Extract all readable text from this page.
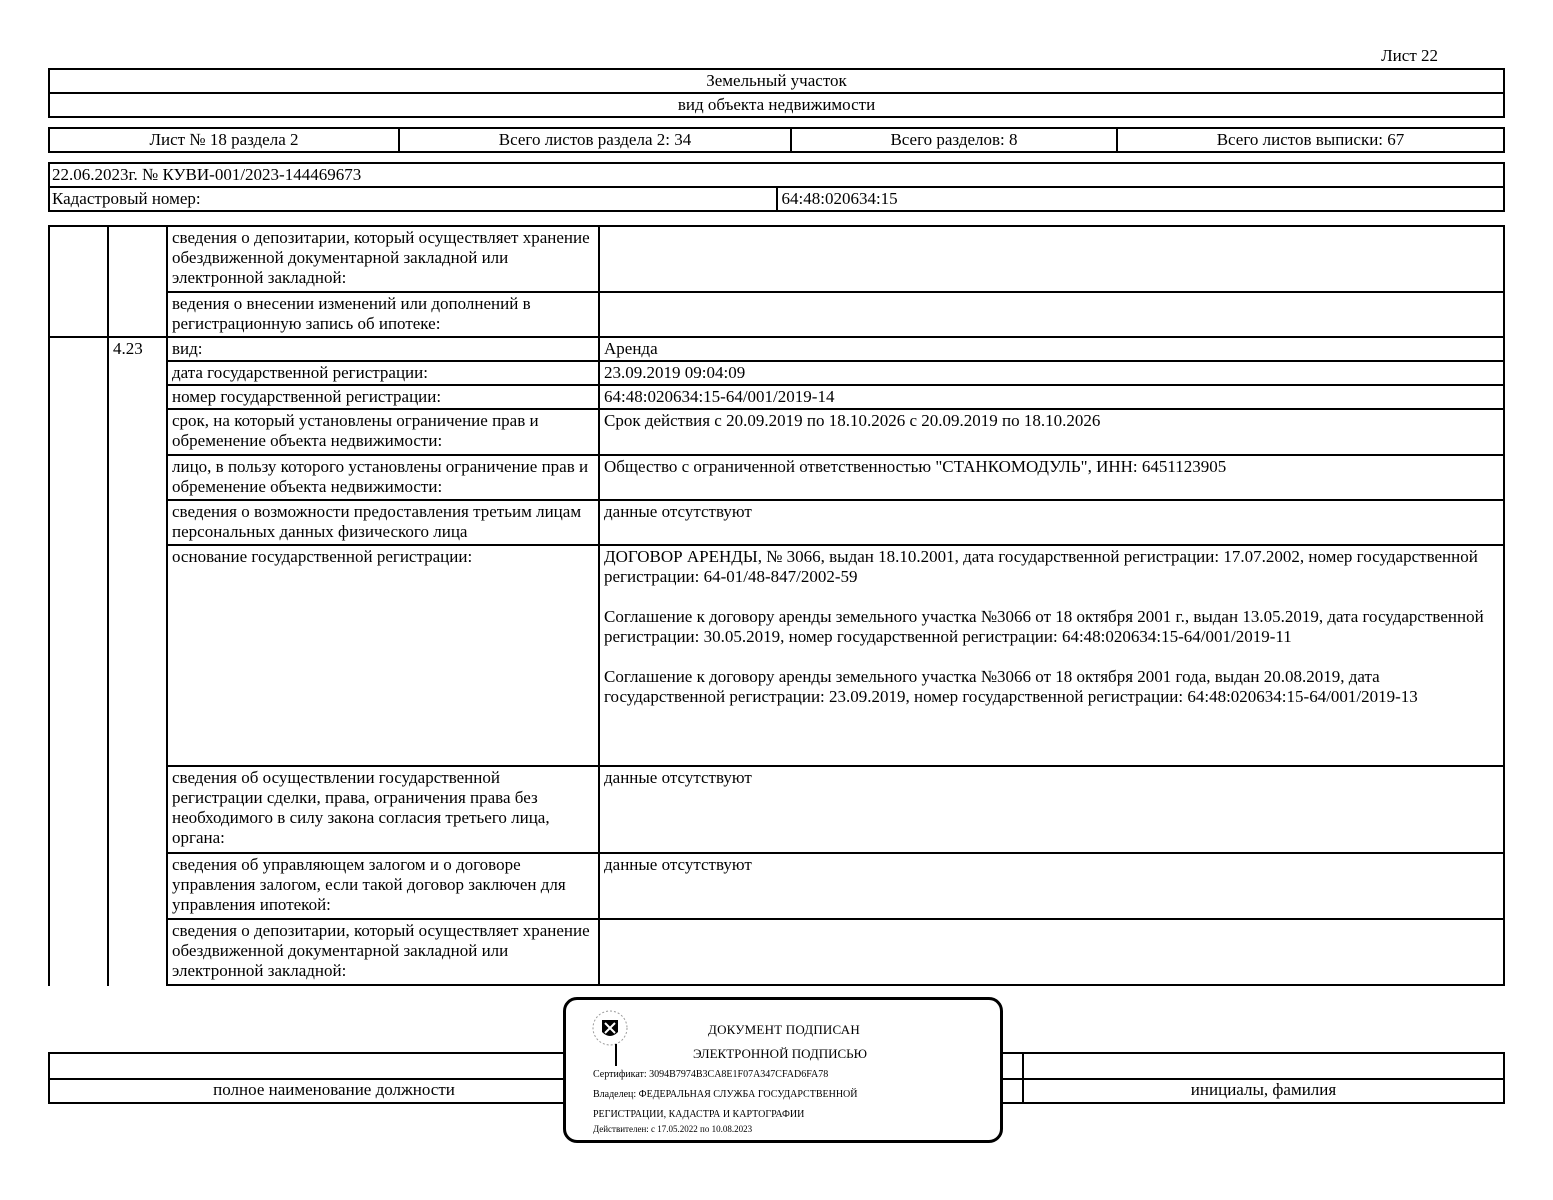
Лист 22
Земельный участок
вид объекта недвижимости
Лист № 18 раздела 2	Всего листов раздела 2: 34	Всего разделов: 8	Всего листов выписки: 67
22.06.2023г. № КУВИ-001/2023-144469673
Кадастровый номер:	64:48:020634:15
		сведения о депозитарии, который осуществляет хранение обездвиженной документарной закладной или электронной закладной:	
		ведения о внесении изменений или дополнений в регистрационную запись об ипотеке:	
	4.23	вид:	Аренда
		дата государственной регистрации:	23.09.2019 09:04:09
		номер государственной регистрации:	64:48:020634:15-64/001/2019-14
		срок, на который установлены ограничение прав и обременение объекта недвижимости:	Срок действия с 20.09.2019 по 18.10.2026 с 20.09.2019 по 18.10.2026
		лицо, в пользу которого установлены ограничение прав и обременение объекта недвижимости:	Общество с ограниченной ответственностью "СТАНКОМОДУЛЬ", ИНН: 6451123905
		сведения о возможности предоставления третьим лицам персональных данных физического лица	данные отсутствуют
		основание государственной регистрации:	ДОГОВОР АРЕНДЫ, № 3066, выдан 18.10.2001, дата государственной регистрации: 17.07.2002, номер государственной регистрации: 64-01/48-847/2002-59
Соглашение к договору аренды земельного участка №3066 от 18 октября 2001 г., выдан 13.05.2019, дата государственной регистрации: 30.05.2019, номер государственной регистрации: 64:48:020634:15-64/001/2019-11
Соглашение к договору аренды земельного участка №3066 от 18 октября 2001 года, выдан 20.08.2019, дата государственной регистрации: 23.09.2019, номер государственной регистрации: 64:48:020634:15-64/001/2019-13

		сведения об осуществлении государственной регистрации сделки, права, ограничения права без необходимого в силу закона согласия третьего лица, органа:	данные отсутствуют
		сведения об управляющем залогом и о договоре управления залогом, если такой договор заключен для управления ипотекой:	данные отсутствуют
		сведения о депозитарии, который осуществляет хранение обездвиженной документарной закладной или электронной закладной:	

полное наименование должности		инициалы, фамилия
ДОКУМЕНТ ПОДПИСАН
ЭЛЕКТРОННОЙ ПОДПИСЬЮ
Сертификат: 3094B7974B3CA8E1F07A347CFAD6FA78
Владелец: ФЕДЕРАЛЬНАЯ СЛУЖБА ГОСУДАРСТВЕННОЙ
РЕГИСТРАЦИИ, КАДАСТРА И КАРТОГРАФИИ
Действителен: с 17.05.2022 по 10.08.2023
